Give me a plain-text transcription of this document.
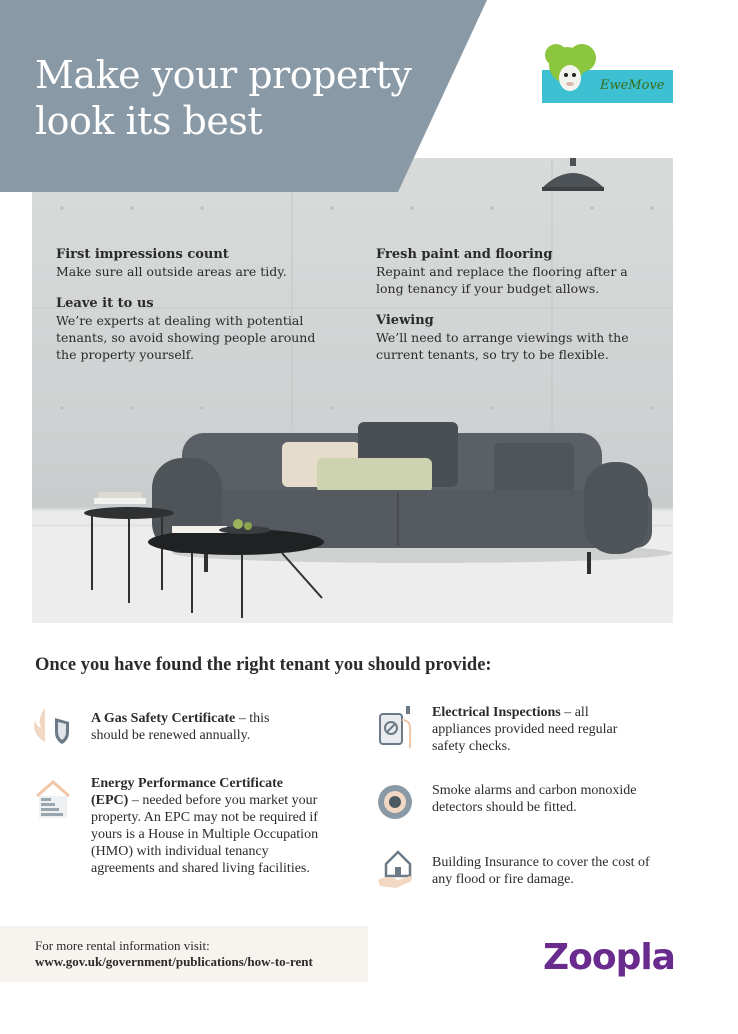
Make your property
look its best
EweMove
First impressions count
Make sure all outside areas are tidy.
Leave it to us
We’re experts at dealing with potential tenants, so avoid showing people around the property yourself.
Fresh paint and flooring
Repaint and replace the flooring after a long tenancy if your budget allows.
Viewing
We’ll need to arrange viewings with the current tenants, so try to be flexible.
Once you have found the right tenant you should provide:
A Gas Safety Certificate – this should be renewed annually.
Energy Performance Certificate (EPC) – needed before you market your property. An EPC may not be required if yours is a House in Multiple Occupation (HMO) with individual tenancy agreements and shared living facilities.
Electrical Inspections – all appliances provided need regular safety checks.
Smoke alarms and carbon monoxide detectors should be fitted.
Building Insurance to cover the cost of any flood or fire damage.
For more rental information visit:
www.gov.uk/government/publications/how-to-rent	Zoopla
